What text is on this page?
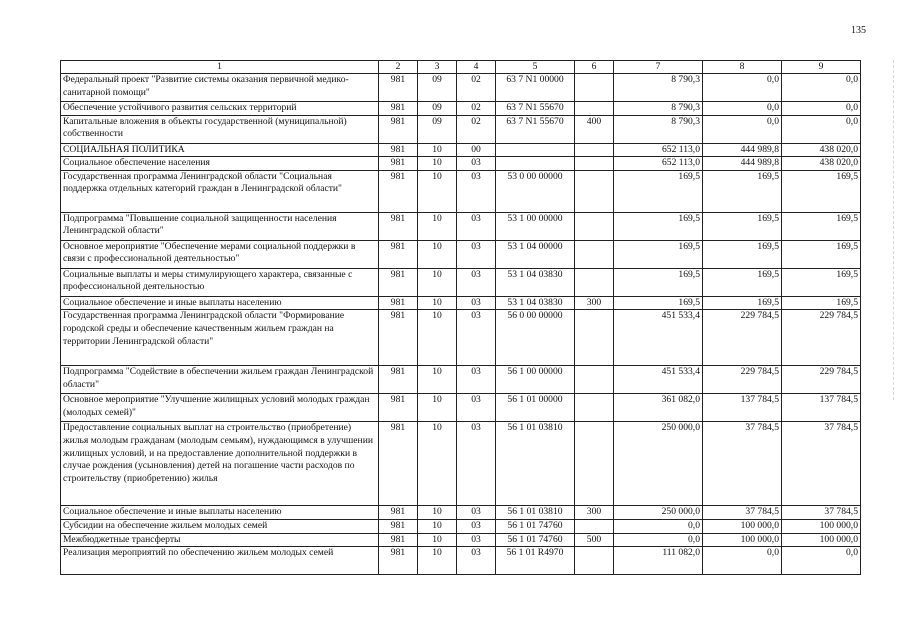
135
1	2	3	4	5	6	7	8	9
Федеральный проект "Развитие системы оказания первичной медико-санитарной помощи"	981	09	02	63 7 N1 00000		8 790,3	0,0	0,0
Обеспечение устойчивого развития сельских территорий	981	09	02	63 7 N1 55670		8 790,3	0,0	0,0
Капитальные вложения в объекты государственной (муниципальной) собственности	981	09	02	63 7 N1 55670	400	8 790,3	0,0	0,0
СОЦИАЛЬНАЯ ПОЛИТИКА	981	10	00			652 113,0	444 989,8	438 020,0
Социальное обеспечение населения	981	10	03			652 113,0	444 989,8	438 020,0
Государственная программа Ленинградской области "Социальная поддержка отдельных категорий граждан в Ленинградской области"	981	10	03	53 0 00 00000		169,5	169,5	169,5
Подпрограмма "Повышение социальной защищенности населения Ленинградской области"	981	10	03	53 1 00 00000		169,5	169,5	169,5
Основное мероприятие "Обеспечение мерами социальной поддержки в связи с профессиональной деятельностью"	981	10	03	53 1 04 00000		169,5	169,5	169,5
Социальные выплаты и меры стимулирующего характера, связанные с профессиональной деятельностью	981	10	03	53 1 04 03830		169,5	169,5	169,5
Социальное обеспечение и иные выплаты населению	981	10	03	53 1 04 03830	300	169,5	169,5	169,5
Государственная программа Ленинградской области "Формирование городской среды и обеспечение качественным жильем граждан на территории Ленинградской области"	981	10	03	56 0 00 00000		451 533,4	229 784,5	229 784,5
Подпрограмма "Содействие в обеспечении жильем граждан Ленинградской области"	981	10	03	56 1 00 00000		451 533,4	229 784,5	229 784,5
Основное мероприятие "Улучшение жилищных условий молодых граждан (молодых семей)"	981	10	03	56 1 01 00000		361 082,0	137 784,5	137 784,5
Предоставление социальных выплат на строительство (приобретение) жилья молодым гражданам (молодым семьям), нуждающимся в улучшении жилищных условий, и на предоставление дополнительной поддержки в случае рождения (усыновления) детей на погашение части расходов по строительству (приобретению) жилья	981	10	03	56 1 01 03810		250 000,0	37 784,5	37 784,5
Социальное обеспечение и иные выплаты населению	981	10	03	56 1 01 03810	300	250 000,0	37 784,5	37 784,5
Субсидии на обеспечение жильем молодых семей	981	10	03	56 1 01 74760		0,0	100 000,0	100 000,0
Межбюджетные трансферты	981	10	03	56 1 01 74760	500	0,0	100 000,0	100 000,0
Реализация мероприятий по обеспечению жильем молодых семей	981	10	03	56 1 01 R4970		111 082,0	0,0	0,0
